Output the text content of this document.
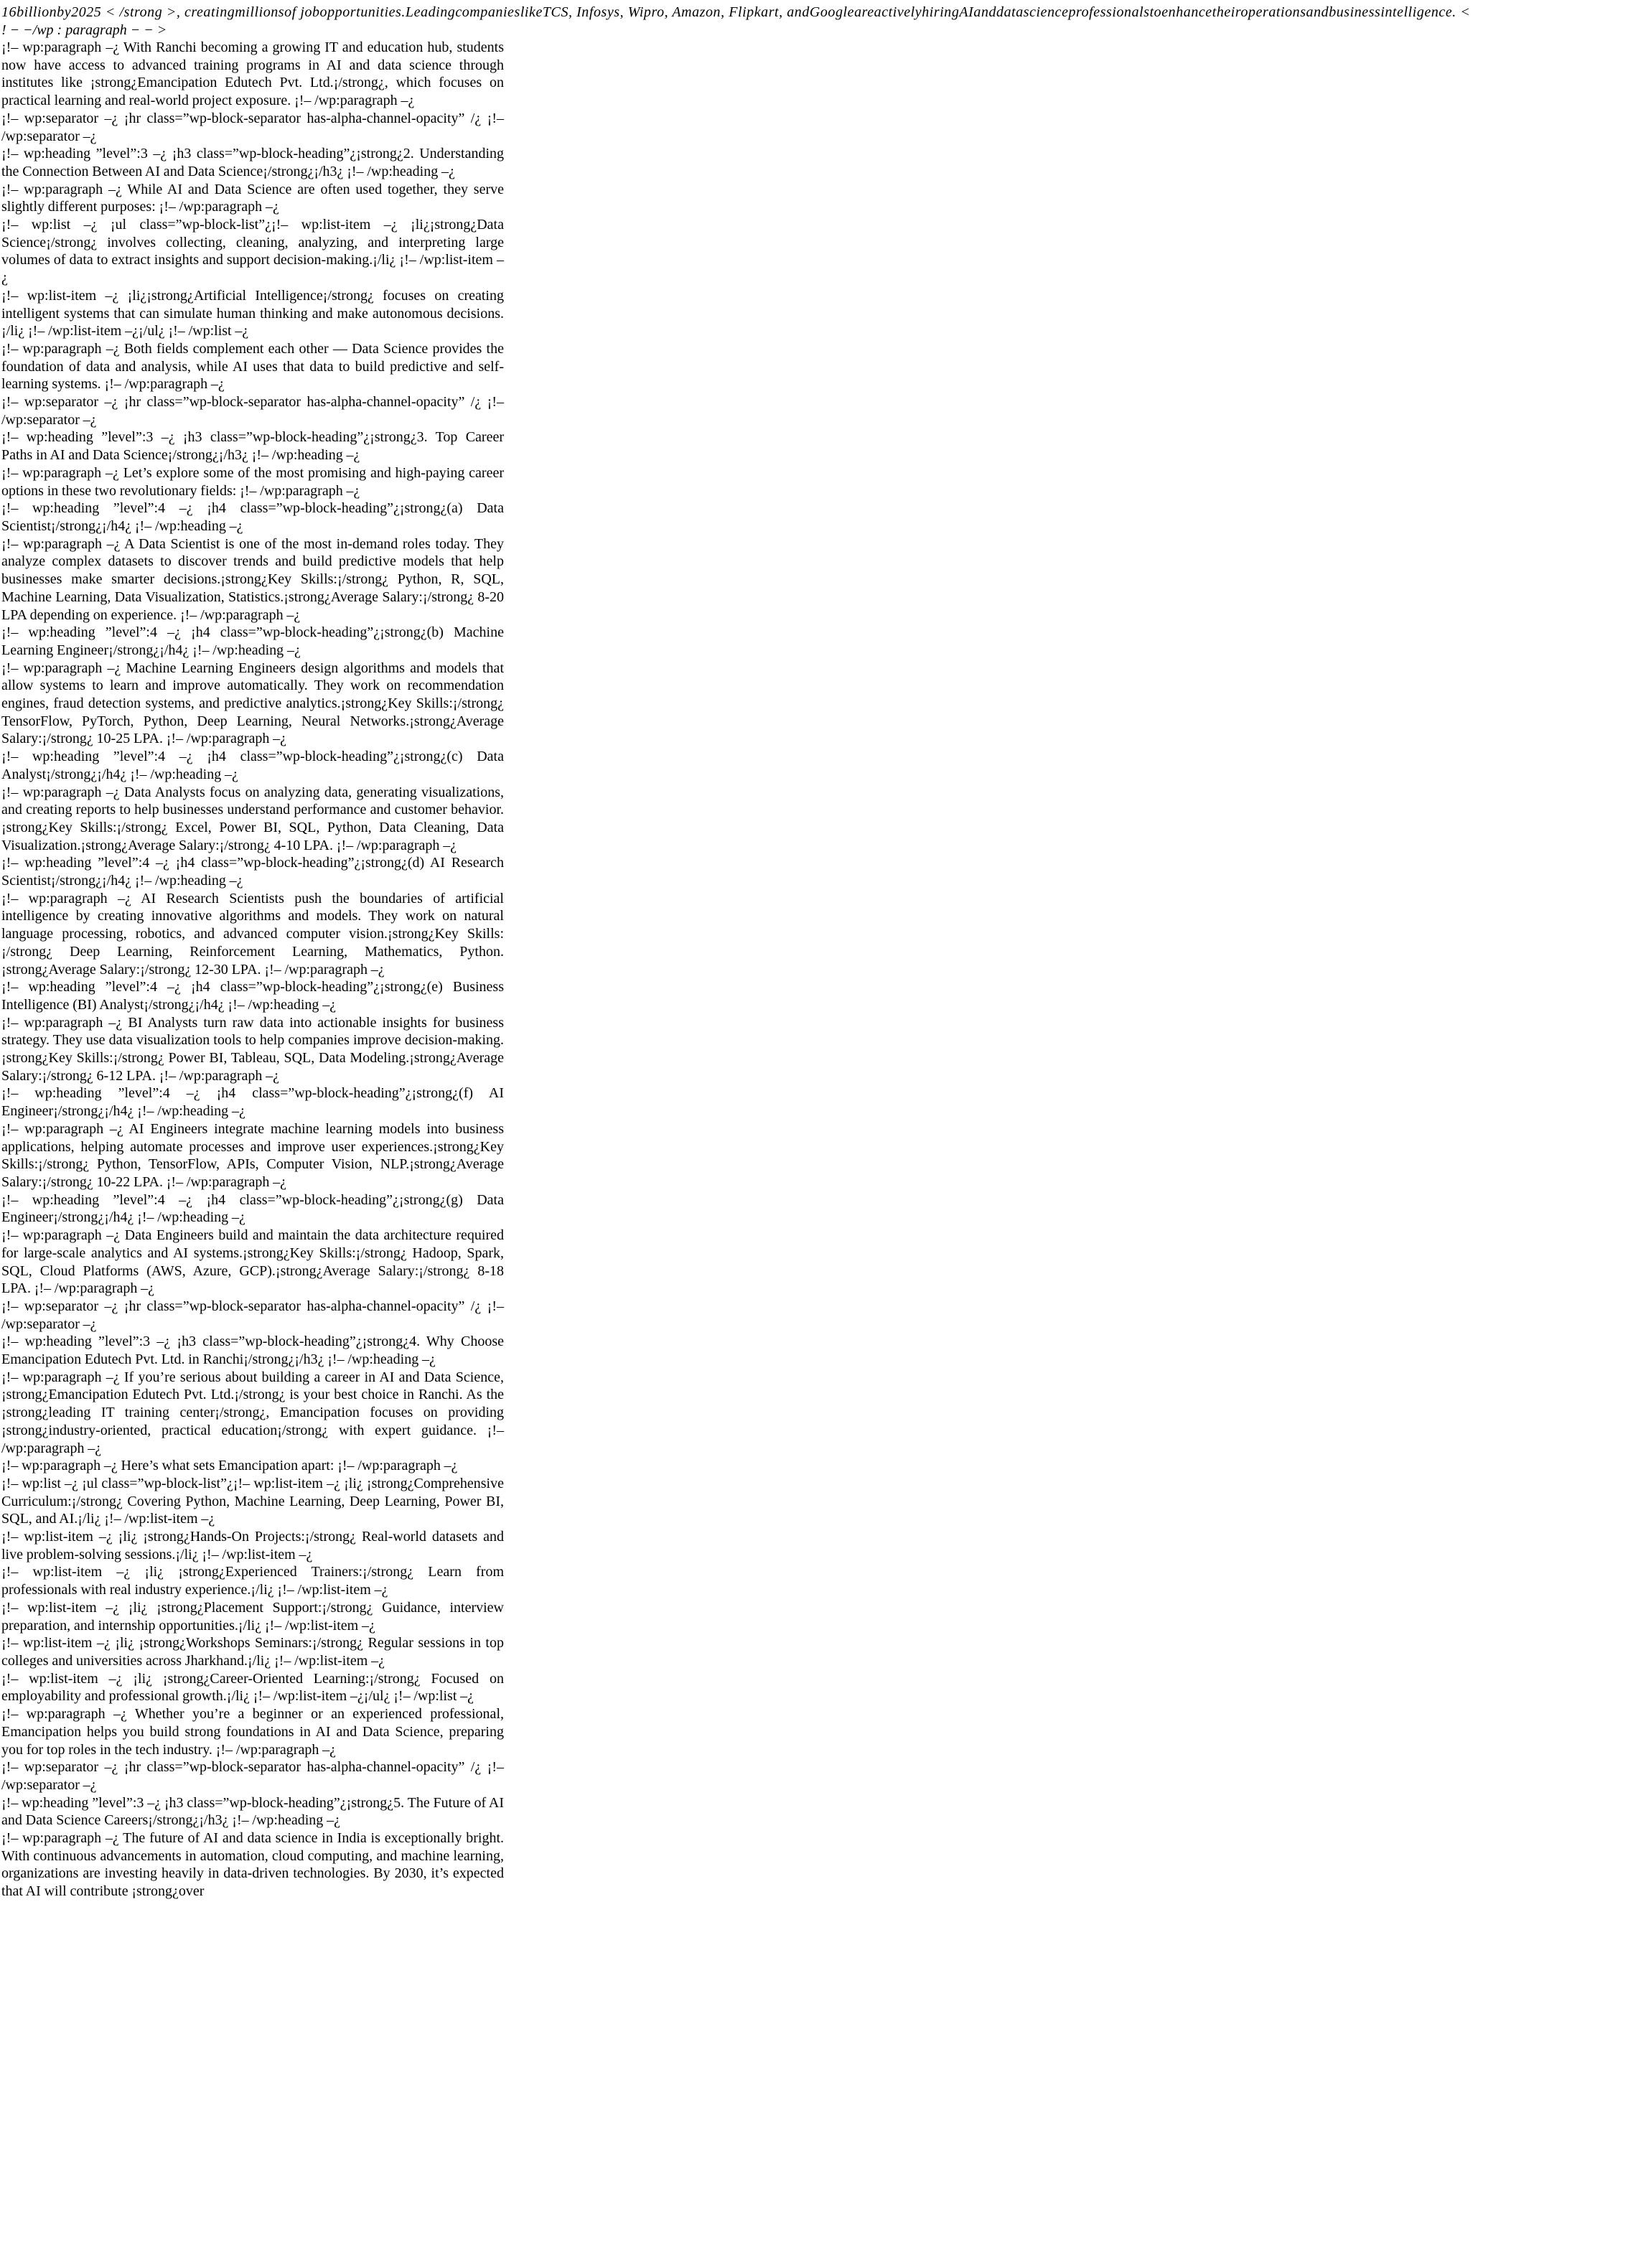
16billionby2025 < /strong >, creatingmillionsof jobopportunities.LeadingcompanieslikeTCS, Infosys, Wipro, Amazon, Flipkart, andGoogleareactivelyhiringAIanddatascienceprofessionalstoenhancetheiroperationsandbusinessintelligence. <
! − −/wp : paragraph − − >
¡!– wp:paragraph –¿ With Ranchi becoming a growing IT and education hub, students now have access to advanced training programs in AI and data science through institutes like ¡strong¿Emancipation Edutech Pvt. Ltd.¡/strong¿, which focuses on practical learning and real-world project exposure. ¡!– /wp:paragraph –¿
¡!– wp:separator –¿ ¡hr class=”wp-block-separator has-alpha-channel-opacity” /¿ ¡!– /wp:separator –¿
¡!– wp:heading ”level”:3 –¿ ¡h3 class=”wp-block-heading”¿¡strong¿2. Understanding the Connection Between AI and Data Science¡/strong¿¡/h3¿ ¡!– /wp:heading –¿
¡!– wp:paragraph –¿ While AI and Data Science are often used together, they serve slightly different purposes: ¡!– /wp:paragraph –¿
¡!– wp:list –¿ ¡ul class=”wp-block-list”¿¡!– wp:list-item –¿ ¡li¿¡strong¿Data Science¡/strong¿ involves collecting, cleaning, analyzing, and interpreting large volumes of data to extract insights and support decision-making.¡/li¿ ¡!– /wp:list-item –¿
¡!– wp:list-item –¿ ¡li¿¡strong¿Artificial Intelligence¡/strong¿ focuses on creating intelligent systems that can simulate human thinking and make autonomous decisions.¡/li¿ ¡!– /wp:list-item –¿¡/ul¿ ¡!– /wp:list –¿
¡!– wp:paragraph –¿ Both fields complement each other — Data Science provides the foundation of data and analysis, while AI uses that data to build predictive and self-learning systems. ¡!– /wp:paragraph –¿
¡!– wp:separator –¿ ¡hr class=”wp-block-separator has-alpha-channel-opacity” /¿ ¡!– /wp:separator –¿
¡!– wp:heading ”level”:3 –¿ ¡h3 class=”wp-block-heading”¿¡strong¿3. Top Career Paths in AI and Data Science¡/strong¿¡/h3¿ ¡!– /wp:heading –¿
¡!– wp:paragraph –¿ Let’s explore some of the most promising and high-paying career options in these two revolutionary fields: ¡!– /wp:paragraph –¿
¡!– wp:heading ”level”:4 –¿ ¡h4 class=”wp-block-heading”¿¡strong¿(a) Data Scientist¡/strong¿¡/h4¿ ¡!– /wp:heading –¿
¡!– wp:paragraph –¿ A Data Scientist is one of the most in-demand roles today. They analyze complex datasets to discover trends and build predictive models that help businesses make smarter decisions.¡strong¿Key Skills:¡/strong¿ Python, R, SQL, Machine Learning, Data Visualization, Statistics.¡strong¿Average Salary:¡/strong¿ 8-20 LPA depending on experience. ¡!– /wp:paragraph –¿
¡!– wp:heading ”level”:4 –¿ ¡h4 class=”wp-block-heading”¿¡strong¿(b) Machine Learning Engineer¡/strong¿¡/h4¿ ¡!– /wp:heading –¿
¡!– wp:paragraph –¿ Machine Learning Engineers design algorithms and models that allow systems to learn and improve automatically. They work on recommendation engines, fraud detection systems, and predictive analytics.¡strong¿Key Skills:¡/strong¿ TensorFlow, PyTorch, Python, Deep Learning, Neural Networks.¡strong¿Average Salary:¡/strong¿ 10-25 LPA. ¡!– /wp:paragraph –¿
¡!– wp:heading ”level”:4 –¿ ¡h4 class=”wp-block-heading”¿¡strong¿(c) Data Analyst¡/strong¿¡/h4¿ ¡!– /wp:heading –¿
¡!– wp:paragraph –¿ Data Analysts focus on analyzing data, generating visualizations, and creating reports to help businesses understand performance and customer behavior.¡strong¿Key Skills:¡/strong¿ Excel, Power BI, SQL, Python, Data Cleaning, Data Visualization.¡strong¿Average Salary:¡/strong¿ 4-10 LPA. ¡!– /wp:paragraph –¿
¡!– wp:heading ”level”:4 –¿ ¡h4 class=”wp-block-heading”¿¡strong¿(d) AI Research Scientist¡/strong¿¡/h4¿ ¡!– /wp:heading –¿
¡!– wp:paragraph –¿ AI Research Scientists push the boundaries of artificial intelligence by creating innovative algorithms and models. They work on natural language processing, robotics, and advanced computer vision.¡strong¿Key Skills:¡/strong¿ Deep Learning, Reinforcement Learning, Mathematics, Python.¡strong¿Average Salary:¡/strong¿ 12-30 LPA. ¡!– /wp:paragraph –¿
¡!– wp:heading ”level”:4 –¿ ¡h4 class=”wp-block-heading”¿¡strong¿(e) Business Intelligence (BI) Analyst¡/strong¿¡/h4¿ ¡!– /wp:heading –¿
¡!– wp:paragraph –¿ BI Analysts turn raw data into actionable insights for business strategy. They use data visualization tools to help companies improve decision-making.¡strong¿Key Skills:¡/strong¿ Power BI, Tableau, SQL, Data Modeling.¡strong¿Average Salary:¡/strong¿ 6-12 LPA. ¡!– /wp:paragraph –¿
¡!– wp:heading ”level”:4 –¿ ¡h4 class=”wp-block-heading”¿¡strong¿(f) AI Engineer¡/strong¿¡/h4¿ ¡!– /wp:heading –¿
¡!– wp:paragraph –¿ AI Engineers integrate machine learning models into business applications, helping automate processes and improve user experiences.¡strong¿Key Skills:¡/strong¿ Python, TensorFlow, APIs, Computer Vision, NLP.¡strong¿Average Salary:¡/strong¿ 10-22 LPA. ¡!– /wp:paragraph –¿
¡!– wp:heading ”level”:4 –¿ ¡h4 class=”wp-block-heading”¿¡strong¿(g) Data Engineer¡/strong¿¡/h4¿ ¡!– /wp:heading –¿
¡!– wp:paragraph –¿ Data Engineers build and maintain the data architecture required for large-scale analytics and AI systems.¡strong¿Key Skills:¡/strong¿ Hadoop, Spark, SQL, Cloud Platforms (AWS, Azure, GCP).¡strong¿Average Salary:¡/strong¿ 8-18 LPA. ¡!– /wp:paragraph –¿
¡!– wp:separator –¿ ¡hr class=”wp-block-separator has-alpha-channel-opacity” /¿ ¡!– /wp:separator –¿
¡!– wp:heading ”level”:3 –¿ ¡h3 class=”wp-block-heading”¿¡strong¿4. Why Choose Emancipation Edutech Pvt. Ltd. in Ranchi¡/strong¿¡/h3¿ ¡!– /wp:heading –¿
¡!– wp:paragraph –¿ If you’re serious about building a career in AI and Data Science, ¡strong¿Emancipation Edutech Pvt. Ltd.¡/strong¿ is your best choice in Ranchi. As the ¡strong¿leading IT training center¡/strong¿, Emancipation focuses on providing ¡strong¿industry-oriented, practical education¡/strong¿ with expert guidance. ¡!– /wp:paragraph –¿
¡!– wp:paragraph –¿ Here’s what sets Emancipation apart: ¡!– /wp:paragraph –¿
¡!– wp:list –¿ ¡ul class=”wp-block-list”¿¡!– wp:list-item –¿ ¡li¿ ¡strong¿Comprehensive Curriculum:¡/strong¿ Covering Python, Machine Learning, Deep Learning, Power BI, SQL, and AI.¡/li¿ ¡!– /wp:list-item –¿
¡!– wp:list-item –¿ ¡li¿ ¡strong¿Hands-On Projects:¡/strong¿ Real-world datasets and live problem-solving sessions.¡/li¿ ¡!– /wp:list-item –¿
¡!– wp:list-item –¿ ¡li¿ ¡strong¿Experienced Trainers:¡/strong¿ Learn from professionals with real industry experience.¡/li¿ ¡!– /wp:list-item –¿
¡!– wp:list-item –¿ ¡li¿ ¡strong¿Placement Support:¡/strong¿ Guidance, interview preparation, and internship opportunities.¡/li¿ ¡!– /wp:list-item –¿
¡!– wp:list-item –¿ ¡li¿ ¡strong¿Workshops Seminars:¡/strong¿ Regular sessions in top colleges and universities across Jharkhand.¡/li¿ ¡!– /wp:list-item –¿
¡!– wp:list-item –¿ ¡li¿ ¡strong¿Career-Oriented Learning:¡/strong¿ Focused on employability and professional growth.¡/li¿ ¡!– /wp:list-item –¿¡/ul¿ ¡!– /wp:list –¿
¡!– wp:paragraph –¿ Whether you’re a beginner or an experienced professional, Emancipation helps you build strong foundations in AI and Data Science, preparing you for top roles in the tech industry. ¡!– /wp:paragraph –¿
¡!– wp:separator –¿ ¡hr class=”wp-block-separator has-alpha-channel-opacity” /¿ ¡!– /wp:separator –¿
¡!– wp:heading ”level”:3 –¿ ¡h3 class=”wp-block-heading”¿¡strong¿5. The Future of AI and Data Science Careers¡/strong¿¡/h3¿ ¡!– /wp:heading –¿
¡!– wp:paragraph –¿ The future of AI and data science in India is exceptionally bright. With continuous advancements in automation, cloud computing, and machine learning, organizations are investing heavily in data-driven technologies. By 2030, it’s expected that AI will contribute ¡strong¿over
